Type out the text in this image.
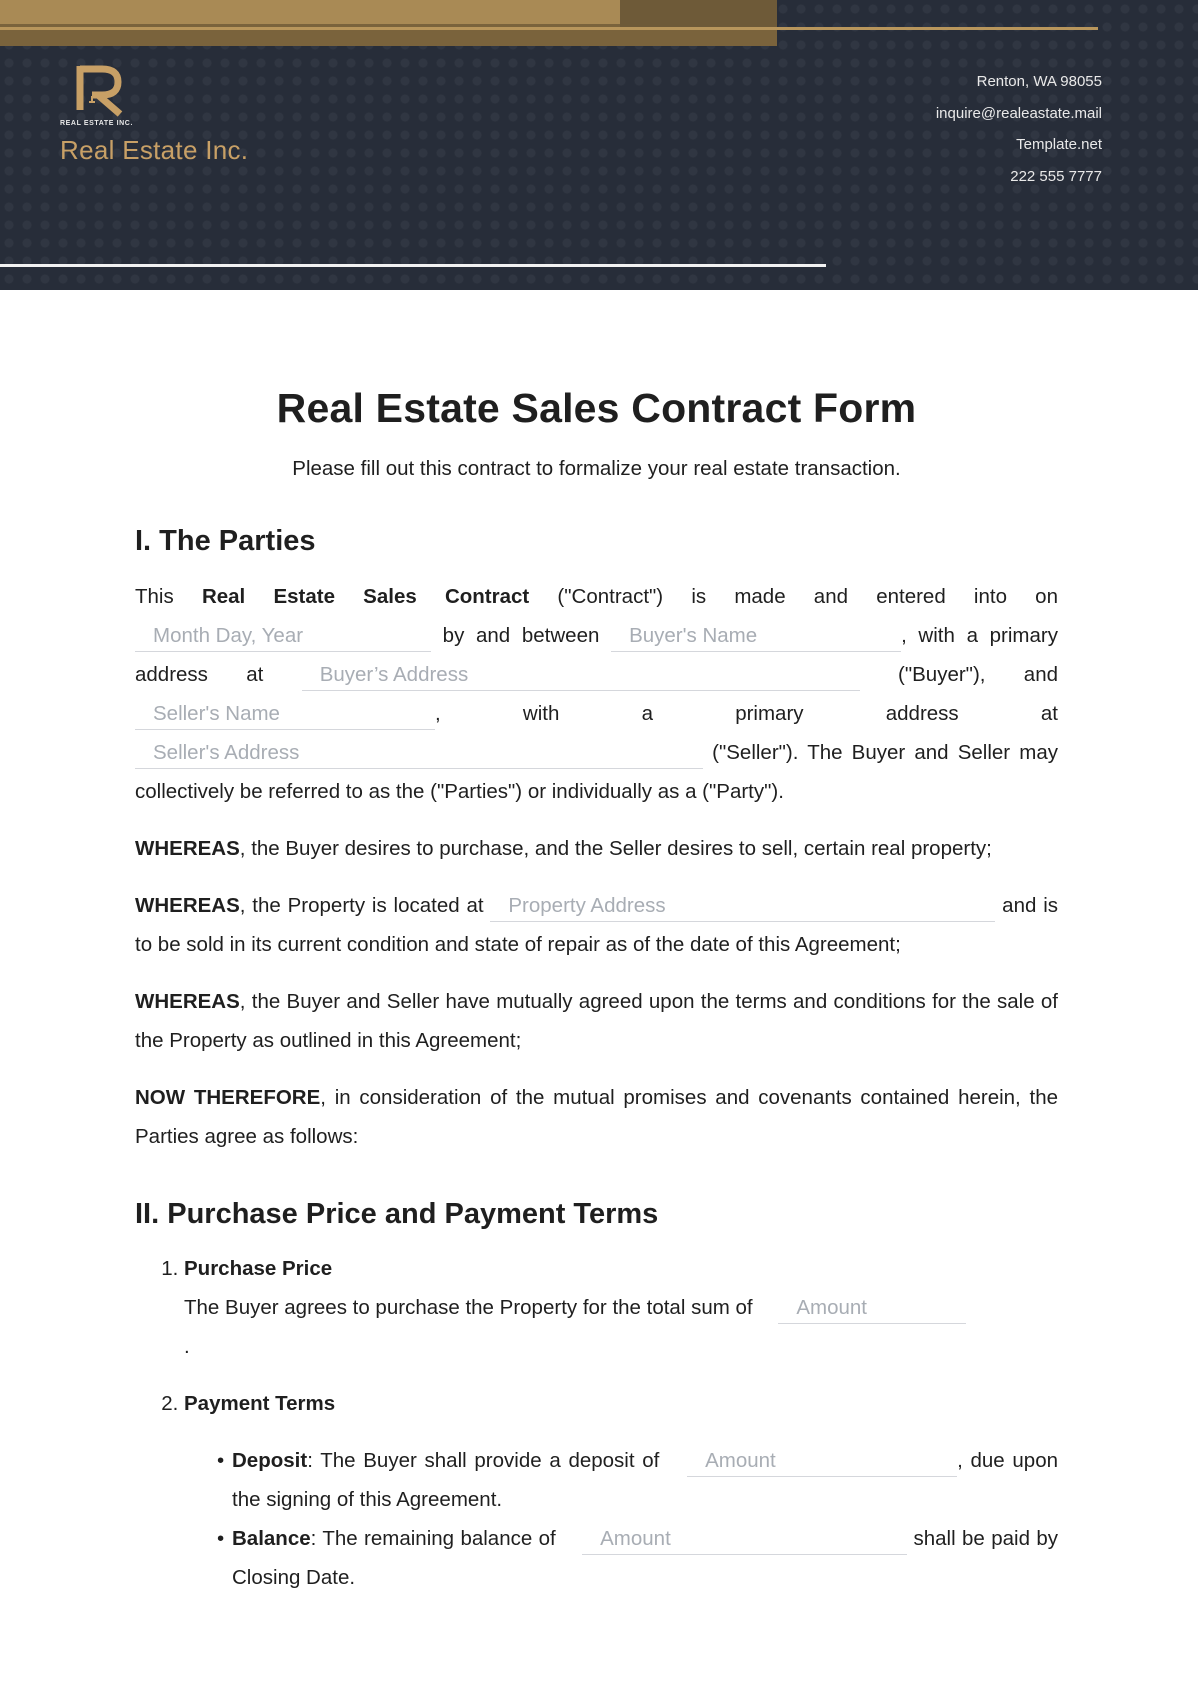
REAL ESTATE INC.
Real Estate Inc.
Renton, WA 98055
inquire@realeastate.mail
Template.net
222 555 7777
Real Estate Sales Contract Form

Please fill out this contract to formalize your real estate transaction.

I. The Parties

This Real Estate Sales Contract ("Contract") is made and entered into on Month Day, Year	by and between Buyer's Name	, with a primary address at Buyer’s Address	("Buyer"), and Seller's Name	, with a primary address at Seller's Address	("Seller"). The Buyer and Seller may collectively be referred to as the ("Parties") or individually as a ("Party").

WHEREAS, the Buyer desires to purchase, and the Seller desires to sell, certain real property;

WHEREAS, the Property is located at Property Address	and is to be sold in its current condition and state of repair as of the date of this Agreement;

WHEREAS, the Buyer and Seller have mutually agreed upon the terms and conditions for the sale of the Property as outlined in this Agreement;

NOW THEREFORE, in consideration of the mutual promises and covenants contained herein, the Parties agree as follows:

II. Purchase Price and Payment Terms
1. Purchase Price
The Buyer agrees to purchase the Property for the total sum of Amount
.
2. Payment Terms
• Deposit: The Buyer shall provide a deposit of Amount	, due upon the signing of this Agreement.
• Balance: The remaining balance of Amount	shall be paid by Closing Date.
